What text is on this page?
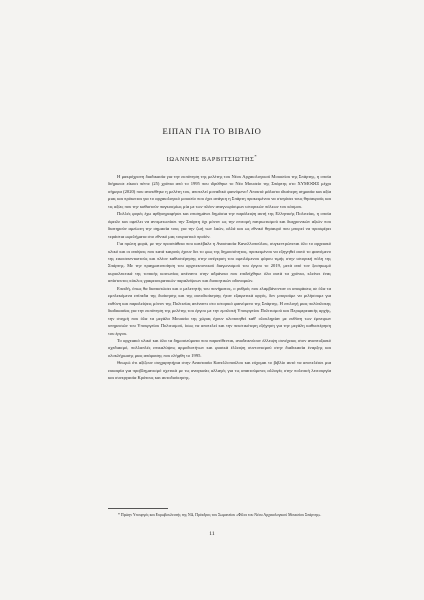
ΕΙΠΑΝ ΓΙΑ ΤΟ ΒΙΒΛΙΟ
ΙΩΑΝΝΗΣ ΒΑΡΒΙΤΣΙΩΤΗΣ*

Η μακρόχρονη διαδικασία για την εκπόνηση της μελέτης του Νέου Αρχαιολογικού Μουσείου της Σπάρτης, η οποία διήρκεσε είκοσι πέντε (25) χρόνια από το 1995 που ιδρύθηκε το Νέο Μουσείο της Σπάρτης στο ΧΥΜΟΦΙΞ μέχρι σήμερα (2020) που ανατέθηκε η μελέτη του, αποτελεί μοναδικό φαινόμενο! Αποκτά μάλιστα ιδιαίτερη σημασία και αξία μιας και πρόκειται για το αρχαιολογικό μουσείο που έχει ανάγκη η Σπάρτη προκειμένου να στεγάσει τους θησαυρούς και τις αξίες που την καθιστούν παγκοσμίως μία με των πλέον αναγνωρίσιμων ιστορικών πόλεων του κόσμου.

Πολλές φορές έχω αρθρογραφήσει και επισημάνει δημόσια την παράλειψη αυτή της Ελληνικής Πολιτείας, η οποία όφειλε και οφείλει να αντιμετωπίσει την Σπάρτη όχι μόνον ως την επιτομή πατριωτισμού και διαχρονικών αξιών που διατηρούν αμείωτη την σημασία τους για την ζωή των λαών, αλλά και ως εθνικό θησαυρό που μπορεί να προσφέρει τεράστια ωφελήματα στο εθνικό μας τουριστικό προϊόν.

Για πρώτη φορά, με την προσπάθεια που κατέβαλε η Αναστασία Κανελλοπούλου, συγκεντρώνεται όλο το αρχειακό υλικό και οι απόψεις που κατά καιρούς έχουν δει το φως της δημοσιότητας, προκειμένου να εξηγηθεί αυτό το φαινόμενο της εικοσιπενταετούς και πλέον καθυστέρησης στην ανέγερση του οφειλόμενου φόρου τιμής στην ιστορική πόλη της Σπάρτης. Με την πραγματοποίηση του αρχιτεκτονικού διαγωνισμού του έργου το 2019, μετά από τον ξεσηκωμό κυριολεκτικά της τοπικής κοινωνίας απέναντι στην αδράνεια που επιδείχθηκε όλα αυτά τα χρόνια, κλείνει ένας απίστευτος κύκλος γραφειοκρατικών παραλείψεων και διοικητικών αδυναμιών.

Επειδή, όπως θα διαπιστώσει και ο μελετητής του πονήματος, ο ρυθμός που ελαμβάνονταν οι αποφάσεις σε όλα τα εμπλεκόμενα επίπεδα της διοίκησης και της αυτοδιοίκησης ήταν εξαιρετικά αργός, δεν μπορούμε να μιλήσουμε για ευθύνη και παραλείψεις μόνον της Πολιτείας απέναντι στο ιστορικό φαινόμενο της Σπάρτης. Η επιλογή μιας πολύπλοκης διαδικασίας για την εκπόνηση της μελέτης του έργου με την εμπλοκή Υπουργείου Πολιτισμού και Περιφερειακής αρχής, την στιγμή που όλα τα μεγάλα Μουσεία της χώρας έχουν υλοποιηθεί καθ' ολοκληρίαν με ευθύνη των έμπειρων υπηρεσιών του Υπουργείου Πολιτισμού, ίσως να αποτελεί και την πειστικότερη εξήγηση για την μεγάλη καθυστέρηση του έργου.

Το αρχειακό υλικό και όλα τα δημοσιεύματα που παρατίθενται, αναδεικνύουν έλλειψη συνέχειας στον αναπτυξιακό σχεδιασμό, πολλαπλές επικαλύψεις αρμοδιοτήτων και φυσικά έλλειψη συντονισμού στην διαδικασία έναρξης και ολοκλήρωσης μιας απόφασης που ελήφθη το 1995.

Θεωρώ ότι αξίζουν συγχαρητήρια στην Αναστασία Κανελλοπούλου και εύχομαι το βιβλίο αυτό να αποτελέσει μια ευκαιρία για προβληματισμό σχετικά με τις αναγκαίες αλλαγές για τις απαιτούμενες αλλαγές στην πολιτική λειτουργία και συνεργασία Κράτους και αυτοδιοίκησης.

* Πρώην Υπουργός και Ευρωβουλευτής της ΝΔ, Πρόεδρος του Σωματείου «Φίλοι του Νέου Αρχαιολογικού Μουσείου Σπάρτης».
11
